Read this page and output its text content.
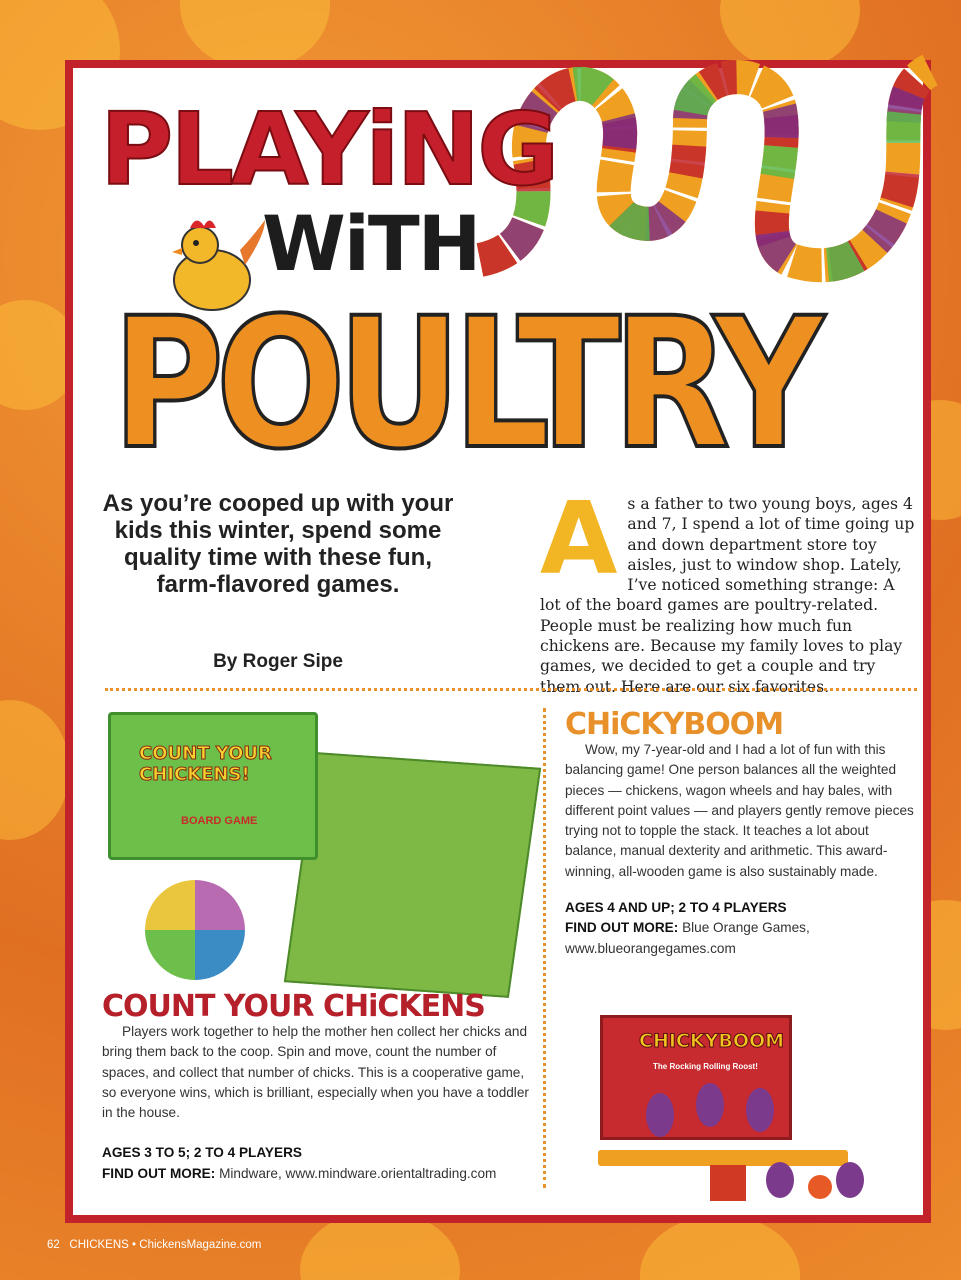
PLAYiNG
WiTH
POULTRY
As you’re cooped up with your kids this winter, spend some quality time with these fun, farm-flavored games.
By Roger Sipe
A s a father to two young boys, ages 4 and 7, I spend a lot of time going up and down department store toy aisles, just to window shop. Lately, I’ve noticed something strange: A lot of the board games are poultry-related. People must be realizing how much fun chickens are. Because my family loves to play games, we decided to get a couple and try them out. Here are our six favorites.
COUNT YOUR CHICKENS!
BOARD GAME
COUNT YOUR CHiCKENS

Players work together to help the mother hen collect her chicks and bring them back to the coop. Spin and move, count the number of spaces, and collect that number of chicks. This is a cooperative game, so everyone wins, which is brilliant, especially when you have a toddler in the house.

AGES 3 TO 5; 2 TO 4 PLAYERS
FIND OUT MORE: Mindware, www.mindware.orientaltrading.com
CHiCKYBOOM

Wow, my 7-year-old and I had a lot of fun with this balancing game! One person balances all the weighted pieces — chickens, wagon wheels and hay bales, with different point values — and players gently remove pieces trying not to topple the stack. It teaches a lot about balance, manual dexterity and arithmetic. This award-winning, all-wooden game is also sustainably made.

AGES 4 AND UP; 2 TO 4 PLAYERS
FIND OUT MORE: Blue Orange Games, www.blueorangegames.com
CHICKYBOOM
The Rocking Rolling Roost!
62 CHICKENS • ChickensMagazine.com
